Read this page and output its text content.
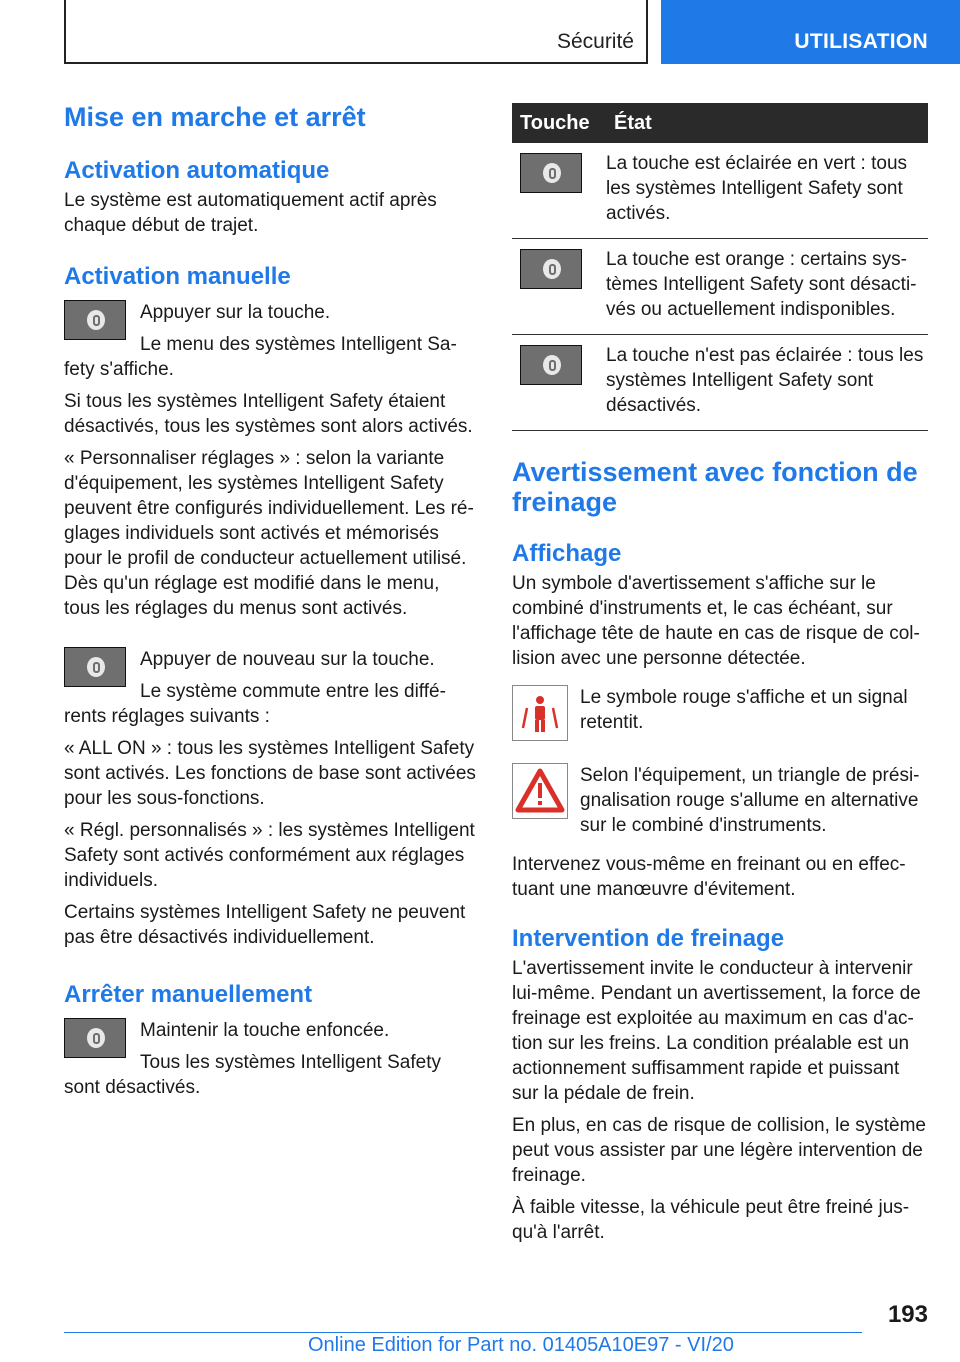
Sécurité	UTILISATION
Mise en marche et arrêt
Activation automatique

Le système est automatiquement actif après chaque début de trajet.

Activation manuelle

Appuyer sur la touche.

Le menu des systèmes Intelligent Sa-fety s'affiche.

Si tous les systèmes Intelligent Safety étaient désactivés, tous les systèmes sont alors activés.

« Personnaliser réglages » : selon la variante d'équipement, les systèmes Intelligent Safety peuvent être configurés individuellement. Les ré-glages individuels sont activés et mémorisés pour le profil de conducteur actuellement utilisé. Dès qu'un réglage est modifié dans le menu, tous les réglages du menus sont activés.

Appuyer de nouveau sur la touche.

Le système commute entre les diffé-rents réglages suivants :

« ALL ON » : tous les systèmes Intelligent Safety sont activés. Les fonctions de base sont activées pour les sous-fonctions.

« Régl. personnalisés » : les systèmes Intelligent Safety sont activés conformément aux réglages individuels.

Certains systèmes Intelligent Safety ne peuvent pas être désactivés individuellement.

Arrêter manuellement

Maintenir la touche enfoncée.

Tous les systèmes Intelligent Safety sont désactivés.

Touche	État

	La touche est éclairée en vert : tous les systèmes Intelligent Safety sont activés.

	La touche est orange : certains sys-tèmes Intelligent Safety sont désacti-vés ou actuellement indisponibles.

	La touche n'est pas éclairée : tous les systèmes Intelligent Safety sont désactivés.
Avertissement avec fonction de freinage
Affichage

Un symbole d'avertissement s'affiche sur le combiné d'instruments et, le cas échéant, sur l'affichage tête de haute en cas de risque de col-lision avec une personne détectée.

Le symbole rouge s'affiche et un signal retentit.

Selon l'équipement, un triangle de prési-gnalisation rouge s'allume en alternative sur le combiné d'instruments.

Intervenez vous-même en freinant ou en effec-tuant une manœuvre d'évitement.

Intervention de freinage

L'avertissement invite le conducteur à intervenir lui-même. Pendant un avertissement, la force de freinage est exploitée au maximum en cas d'ac-tion sur les freins. La condition préalable est un actionnement suffisamment rapide et puissant sur la pédale de frein.

En plus, en cas de risque de collision, le système peut vous assister par une légère intervention de freinage.

À faible vitesse, la véhicule peut être freiné jus-qu'à l'arrêt.

193
Online Edition for Part no. 01405A10E97 - VI/20
